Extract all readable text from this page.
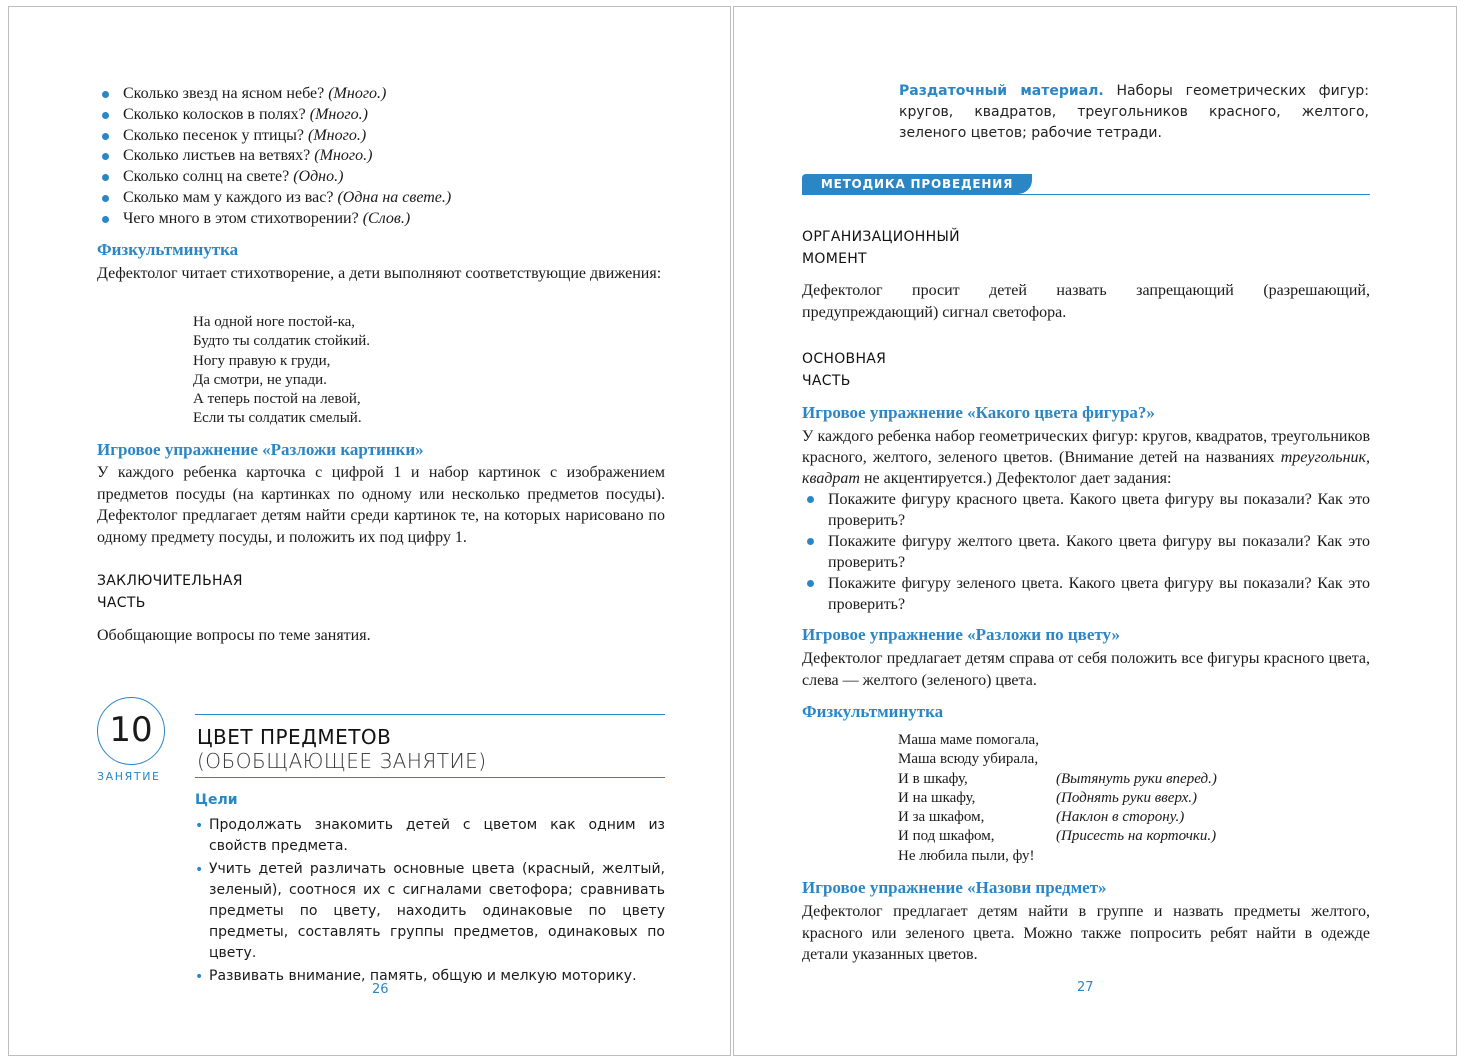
Сколько звезд на ясном небе? (Много.)
Сколько колосков в полях? (Много.)
Сколько песенок у птицы? (Много.)
Сколько листьев на ветвях? (Много.)
Сколько солнц на свете? (Одно.)
Сколько мам у каждого из вас? (Одна на свете.)
Чего много в этом стихотворении? (Слов.)
Физкультминутка
Дефектолог читает стихотворение, а дети выполняют соответствующие движения:
На одной ноге постой-ка,
Будто ты солдатик стойкий.
Ногу правую к груди,
Да смотри, не упади.
А теперь постой на левой,
Если ты солдатик смелый.
Игровое упражнение «Разложи картинки»
У каждого ребенка карточка с цифрой 1 и набор картинок с изображением предметов посуды (на картинках по одному или несколько предметов посуды). Дефектолог предлагает детям найти среди картинок те, на которых нарисовано по одному предмету посуды, и положить их под цифру 1.
ЗАКЛЮЧИТЕЛЬНАЯ
ЧАСТЬ
Обобщающие вопросы по теме занятия.
10
ЗАНЯТИЕ
ЦВЕТ ПРЕДМЕТОВ
(ОБОБЩАЮЩЕЕ ЗАНЯТИЕ)
Цели
• Продолжать знакомить детей с цветом как одним из свойств предмета.
• Учить детей различать основные цвета (красный, желтый, зеленый), соотнося их с сигналами светофора; сравнивать предметы по цвету, находить одинаковые по цвету предметы, составлять группы предметов, одинаковых по цвету.
• Развивать внимание, память, общую и мелкую моторику.
26
Раздаточный материал. Наборы геометрических фигур: кругов, квадратов, треугольников красного, желтого, зеленого цветов; рабочие тетради.
МЕТОДИКА ПРОВЕДЕНИЯ
ОРГАНИЗАЦИОННЫЙ
МОМЕНТ
Дефектолог просит детей назвать запрещающий (разрешающий, предупреждающий) сигнал светофора.
ОСНОВНАЯ
ЧАСТЬ
Игровое упражнение «Какого цвета фигура?»
У каждого ребенка набор геометрических фигур: кругов, квадратов, треугольников красного, желтого, зеленого цветов. (Внимание детей на названиях треугольник, квадрат не акцентируется.) Дефектолог дает задания:
Покажите фигуру красного цвета. Какого цвета фигуру вы показали? Как это проверить?
Покажите фигуру желтого цвета. Какого цвета фигуру вы показали? Как это проверить?
Покажите фигуру зеленого цвета. Какого цвета фигуру вы показали? Как это проверить?
Игровое упражнение «Разложи по цвету»
Дефектолог предлагает детям справа от себя положить все фигуры красного цвета, слева — желтого (зеленого) цвета.
Физкультминутка
Маша маме помогала,
Маша всюду убирала,
И в шкафу,	(Вытянуть руки вперед.)
И на шкафу,	(Поднять руки вверх.)
И за шкафом,	(Наклон в сторону.)
И под шкафом,	(Присесть на корточки.)
Не любила пыли, фу!
Игровое упражнение «Назови предмет»
Дефектолог предлагает детям найти в группе и назвать предметы желтого, красного или зеленого цвета. Можно также попросить ребят найти в одежде детали указанных цветов.
27
